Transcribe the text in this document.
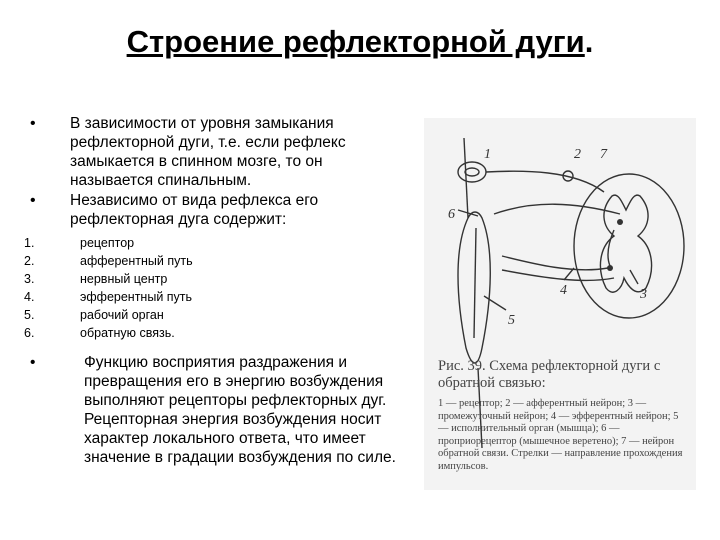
Строение рефлекторной дуги.
• В зависимости от уровня замыкания рефлекторной дуги, т.е. если рефлекс замыкается в спинном мозге, то он называется спинальным.
• Независимо от вида рефлекса его рефлекторная дуга содержит:
1.	рецептор
2.	афферентный путь
3.	нервный центр
4.	эфферентный путь
5.	рабочий орган
6.	обратную связь.
•	Функцию восприятия раздражения и превращения его в энергию возбуждения выполняют рецепторы рефлекторных дуг. Рецепторная энергия возбуждения носит характер локального ответа, что имеет значение в градации возбуждения по силе.
1	2
3
4
5
6
7
Рис. 39. Схема рефлекторной дуги с обратной связью:
1 — рецептор; 2 — афферентный нейрон; 3 — промежуточный нейрон; 4 — эфферентный нейрон; 5 — исполнительный орган (мышца); 6 — проприорецептор (мышечное веретено); 7 — нейрон обратной связи. Стрелки — направление прохождения импульсов.
